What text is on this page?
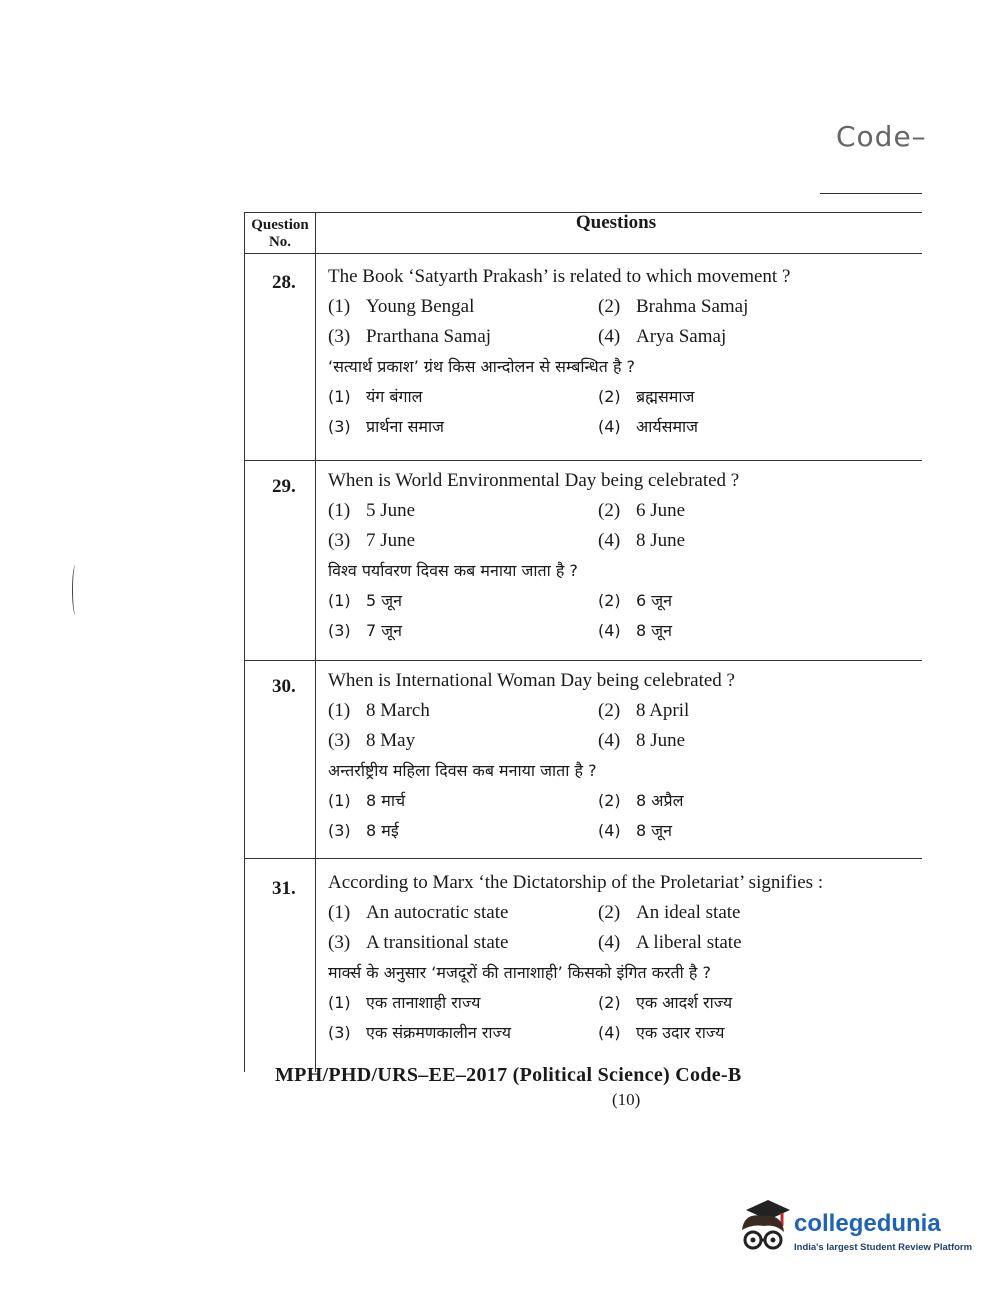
Code–
Question No.
Questions
28. The Book ‘Satyarth Prakash’ is related to which movement ?
(1) Young Bengal	(2) Brahma Samaj
(3) Prarthana Samaj	(4) Arya Samaj
‘सत्यार्थ प्रकाश’ ग्रंथ किस आन्दोलन से सम्बन्धित है ?
(1) यंग बंगाल	(2) ब्रह्मसमाज
(3) प्रार्थना समाज	(4) आर्यसमाज
29. When is World Environmental Day being celebrated ?
(1) 5 June	(2) 6 June
(3) 7 June	(4) 8 June
विश्व पर्यावरण दिवस कब मनाया जाता है ?
(1) 5 जून	(2) 6 जून
(3) 7 जून	(4) 8 जून
30. When is International Woman Day being celebrated ?
(1) 8 March	(2) 8 April
(3) 8 May	(4) 8 June
अन्तर्राष्ट्रीय महिला दिवस कब मनाया जाता है ?
(1) 8 मार्च	(2) 8 अप्रैल
(3) 8 मई	(4) 8 जून
31. According to Marx ‘the Dictatorship of the Proletariat’ signifies :
(1) An autocratic state	(2) An ideal state
(3) A transitional state	(4) A liberal state
मार्क्स के अनुसार ‘मजदूरों की तानाशाही’ किसको इंगित करती है ?
(1) एक तानाशाही राज्य	(2) एक आदर्श राज्य
(3) एक संक्रमणकालीन राज्य	(4) एक उदार राज्य
MPH/PHD/URS–EE–2017 (Political Science) Code-B
(10)
collegedunia
India's largest Student Review Platform
